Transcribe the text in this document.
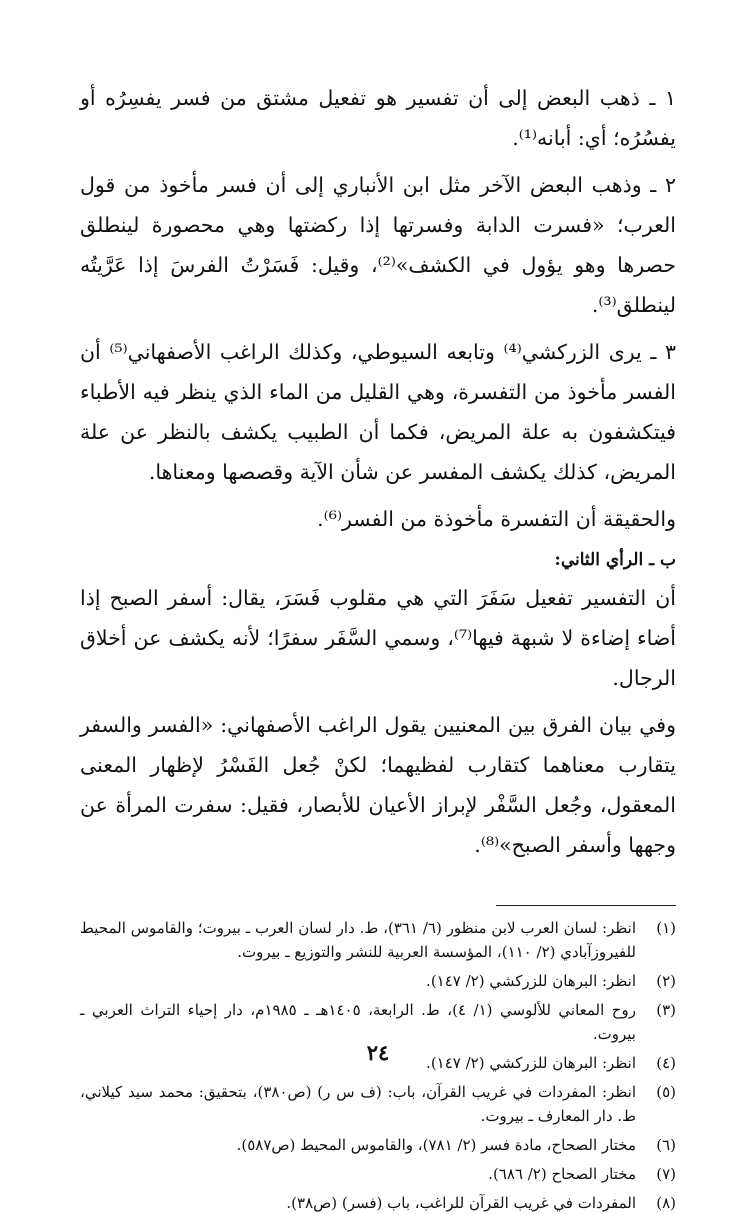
١ ـ ذهب البعض إلى أن تفسير هو تفعيل مشتق من فسر يفسِرُه أو يفسُرُه؛ أي: أبانه⁽¹⁾.

٢ ـ وذهب البعض الآخر مثل ابن الأنباري إلى أن فسر مأخوذ من قول العرب؛ «فسرت الدابة وفسرتها إذا ركضتها وهي محصورة لينطلق حصرها وهو يؤول في الكشف»⁽²⁾، وقيل: فَسَرْتُ الفرسَ إذا عَرَّيتُه لينطلق⁽³⁾.

٣ ـ يرى الزركشي⁽⁴⁾ وتابعه السيوطي، وكذلك الراغب الأصفهاني⁽⁵⁾ أن الفسر مأخوذ من التفسرة، وهي القليل من الماء الذي ينظر فيه الأطباء فيتكشفون به علة المريض، فكما أن الطبيب يكشف بالنظر عن علة المريض، كذلك يكشف المفسر عن شأن الآية وقصصها ومعناها.

والحقيقة أن التفسرة مأخوذة من الفسر⁽⁶⁾.

ب ـ الرأي الثاني:

أن التفسير تفعيل سَفَرَ التي هي مقلوب فَسَرَ، يقال: أسفر الصبح إذا أضاء إضاءة لا شبهة فيها⁽⁷⁾، وسمي السَّفَر سفرًا؛ لأنه يكشف عن أخلاق الرجال.

وفي بيان الفرق بين المعنيين يقول الراغب الأصفهاني: «الفسر والسفر يتقارب معناهما كتقارب لفظيهما؛ لكنْ جُعل الفَسْرُ لإظهار المعنى المعقول، وجُعل السَّفْر لإبراز الأعيان للأبصار، فقيل: سفرت المرأة عن وجهها وأسفر الصبح»⁽⁸⁾.

(١)
انظر: لسان العرب لابن منظور (٦/ ٣٦١)، ط. دار لسان العرب ـ بيروت؛ والقاموس المحيط للفيروزآبادي (٢/ ١١٠)، المؤسسة العربية للنشر والتوزيع ـ بيروت.
(٢)
انظر: البرهان للزركشي (٢/ ١٤٧).
(٣)
روح المعاني للألوسي (١/ ٤)، ط. الرابعة، ١٤٠٥هـ ـ ١٩٨٥م، دار إحياء التراث العربي ـ بيروت.
(٤)
انظر: البرهان للزركشي (٢/ ١٤٧).
(٥)
انظر: المفردات في غريب القرآن، باب: (ف س ر) (ص٣٨٠)، بتحقيق: محمد سيد كيلاني، ط. دار المعارف ـ بيروت.
(٦)
مختار الصحاح، مادة فسر (٢/ ٧٨١)، والقاموس المحيط (ص٥٨٧).
(٧)
مختار الصحاح (٢/ ٦٨٦).
(٨)
المفردات في غريب القرآن للراغب، باب (فسر) (ص٣٨).
٢٤
